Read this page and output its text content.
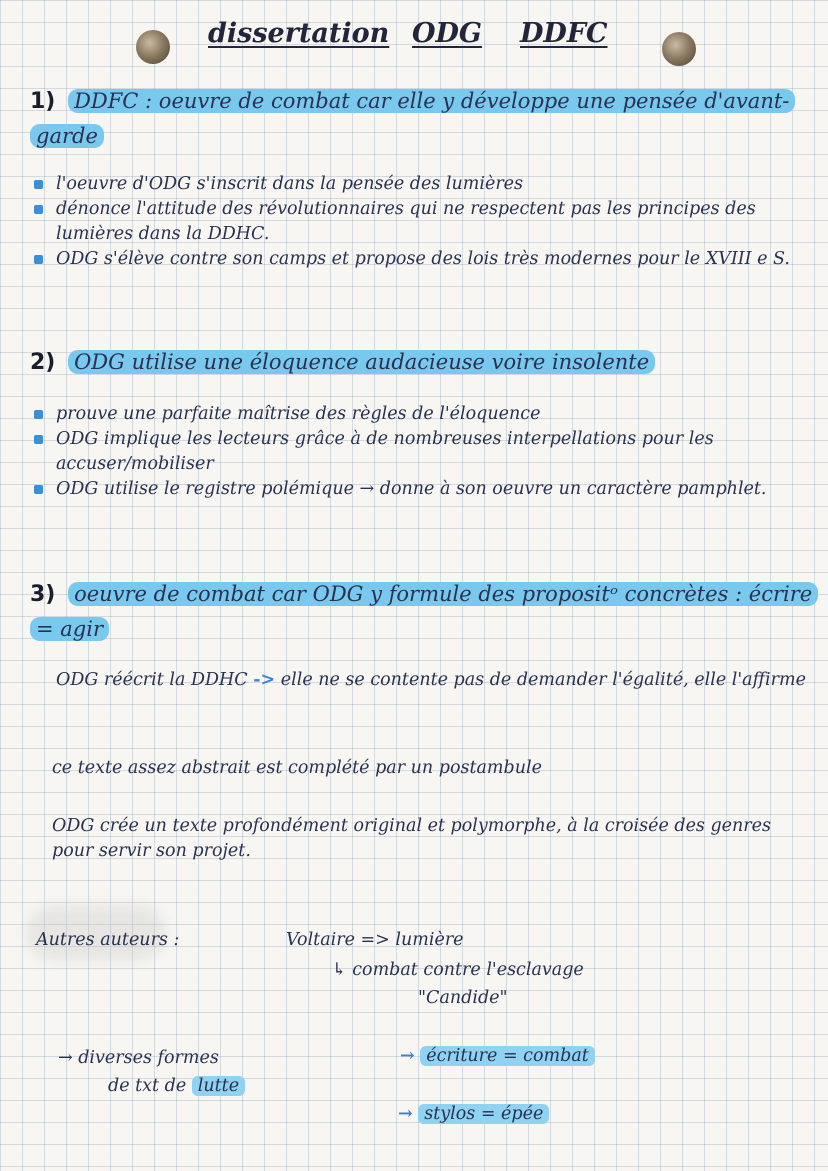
dissertation ODG DDFC
1) DDFC : oeuvre de combat car elle y développe une pensée d'avant-garde
l'oeuvre d'ODG s'inscrit dans la pensée des lumières
dénonce l'attitude des révolutionnaires qui ne respectent pas les principes des lumières dans la DDHC.
ODG s'élève contre son camps et propose des lois très modernes pour le XVIII e S.
2) ODG utilise une éloquence audacieuse voire insolente
prouve une parfaite maîtrise des règles de l'éloquence
ODG implique les lecteurs grâce à de nombreuses interpellations pour les accuser/mobiliser
ODG utilise le registre polémique → donne à son oeuvre un caractère pamphlet.
3) oeuvre de combat car ODG y formule des propositᵒ concrètes : écrire = agir
ODG réécrit la DDHC -> elle ne se contente pas de demander l'égalité, elle l'affirme
ce texte assez abstrait est complété par un postambule
ODG crée un texte profondément original et polymorphe, à la croisée des genres pour servir son projet.
Autres auteurs :	Voltaire => lumière
↳ combat contre l'esclavage
"Candide"
→ diverses formes
de txt de lutte
→ écriture = combat
→ stylos = épée
